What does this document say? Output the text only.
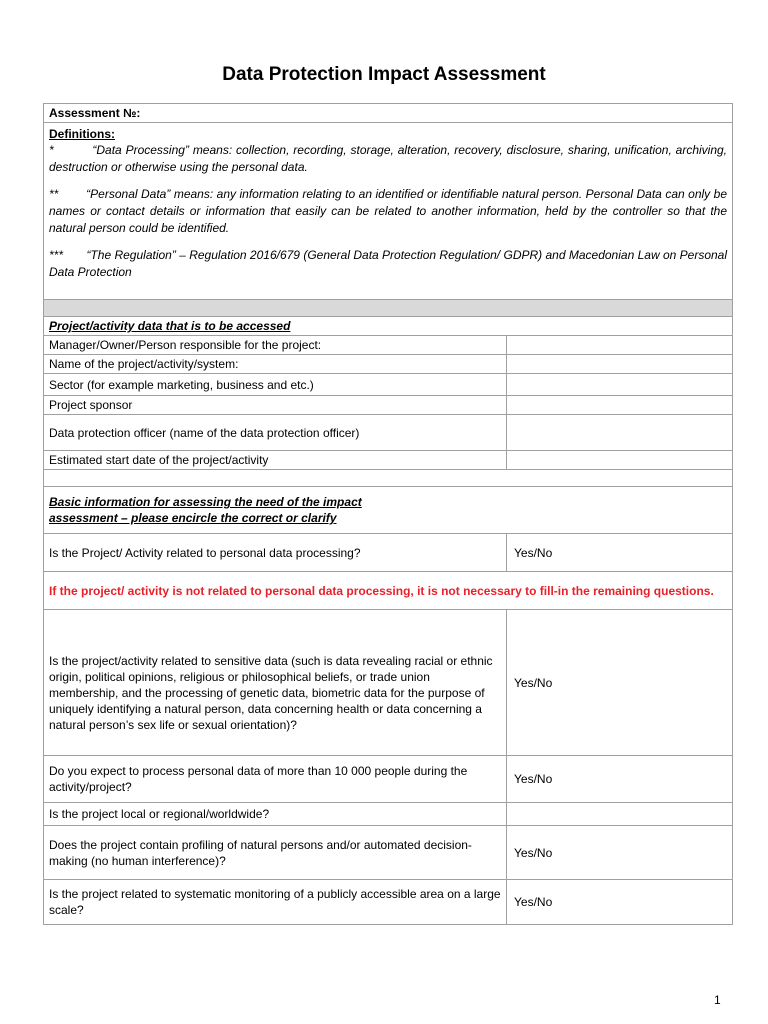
Data Protection Impact Assessment
Assessment №:	

Definitions:

*          “Data Processing” means: collection, recording, storage, alteration, recovery, disclosure, sharing, unification, archiving, destruction or otherwise using the personal data.

**        “Personal Data” means: any information relating to an identified or identifiable natural person. Personal Data can only be names or contact details or information that easily can be related to another information, held by the controller so that the natural person could be identified.

***       “The Regulation” – Regulation 2016/679 (General Data Protection Regulation/ GDPR) and Macedonian Law on Personal Data Protection	

Project/activity data that is to be accessed	
Manager/Owner/Person responsible for the project:	
Name of the project/activity/system:	
Sector (for example marketing, business and etc.)	
Project sponsor	
Data protection officer (name of the data protection officer)	
Estimated start date of the project/activity	

Basic information for assessing the need of the impact
assessment – please encircle the correct or clarify	

Is the Project/ Activity related to personal data processing?	Yes/No
If the project/ activity is not related to personal data processing, it is not necessary to fill-in the remaining questions.	
Is the project/activity related to sensitive data (such is data revealing racial or ethnic origin, political opinions, religious or philosophical beliefs, or trade union membership, and the processing of genetic data, biometric data for the purpose of uniquely identifying a natural person, data concerning health or data concerning a natural person’s sex life or sexual orientation)?	Yes/No
Do you expect to process personal data of more than 10 000 people during the activity/project?	Yes/No
Is the project local or regional/worldwide?	
Does the project contain profiling of natural persons and/or automated decision-making (no human interference)?	Yes/No
Is the project related to systematic monitoring of a publicly accessible area on a large scale?	Yes/No
1
